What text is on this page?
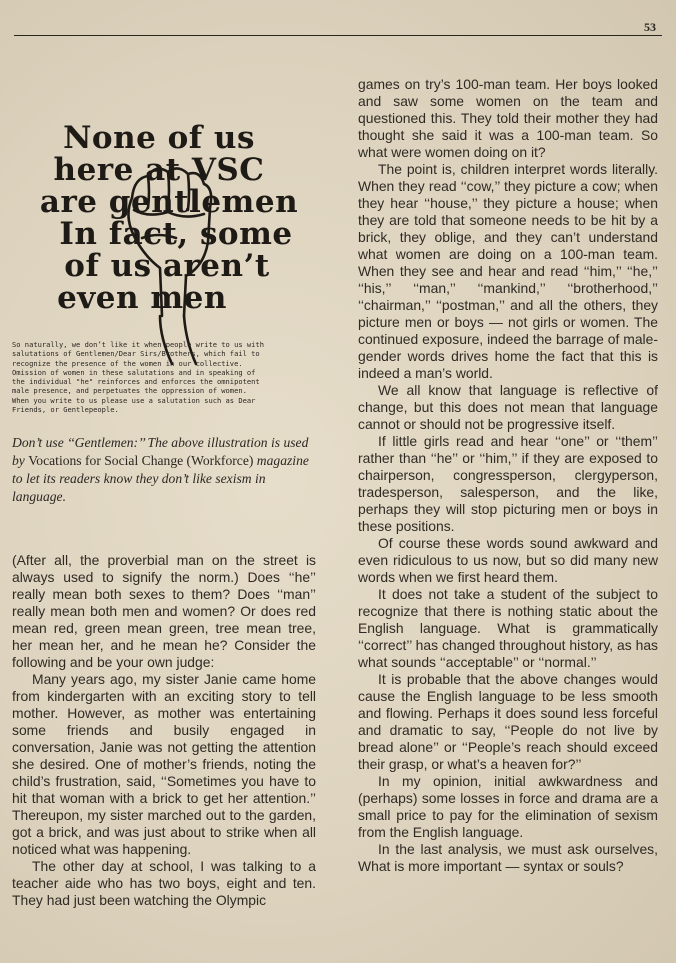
53
None of us
here at VSC
are gentlemen
In fact, some
of us aren’t
even men
So naturally, we don’t like it when people write to us with
salutations of Gentlemen/Dear Sirs/Brothers, which fail to
recognize the presence of the women in our collective.
Omission of women in these salutations and in speaking of
the individual "he" reinforces and enforces the omnipotent
male presence, and perpetuates the oppression of women.
When you write to us please use a salutation such as Dear
Friends, or Gentlepeople.

Don’t use ‘‘Gentlemen:’’ The above illustration is used by Vocations for Social Change (Workforce) magazine to let its readers know they don’t like sexism in language.

(After all, the proverbial man on the street is always used to signify the norm.) Does ‘‘he’’ really mean both sexes to them? Does ‘‘man’’ really mean both men and women? Or does red mean red, green mean green, tree mean tree, her mean her, and he mean he? Consider the following and be your own judge:

Many years ago, my sister Janie came home from kindergarten with an exciting story to tell mother. However, as mother was entertaining some friends and busily engaged in conversation, Janie was not getting the attention she desired. One of mother’s friends, noting the child’s frustration, said, ‘‘Sometimes you have to hit that woman with a brick to get her attention.’’ Thereupon, my sister marched out to the garden, got a brick, and was just about to strike when all noticed what was happening.

The other day at school, I was talking to a teacher aide who has two boys, eight and ten. They had just been watching the Olympic

games on try’s 100-man team. Her boys looked and saw some women on the team and questioned this. They told their mother they had thought she said it was a 100-man team. So what were women doing on it?

The point is, children interpret words literally. When they read ‘‘cow,’’ they picture a cow; when they hear ‘‘house,’’ they picture a house; when they are told that someone needs to be hit by a brick, they oblige, and they can’t understand what women are doing on a 100-man team. When they see and hear and read ‘‘him,’’ ‘‘he,’’ ‘‘his,’’ ‘‘man,’’ ‘‘mankind,’’ ‘‘brotherhood,’’ ‘‘chairman,’’ ‘‘postman,’’ and all the others, they picture men or boys — not girls or women. The continued exposure, indeed the barrage of male-gender words drives home the fact that this is indeed a man’s world.

We all know that language is reflective of change, but this does not mean that language cannot or should not be progressive itself.

If little girls read and hear ‘‘one’’ or ‘‘them’’ rather than ‘‘he’’ or ‘‘him,’’ if they are exposed to chairperson, congressperson, clergyperson, tradesperson, salesperson, and the like, perhaps they will stop picturing men or boys in these positions.

Of course these words sound awkward and even ridiculous to us now, but so did many new words when we first heard them.

It does not take a student of the subject to recognize that there is nothing static about the English language. What is grammatically ‘‘correct’’ has changed throughout history, as has what sounds ‘‘acceptable’’ or ‘‘normal.’’

It is probable that the above changes would cause the English language to be less smooth and flowing. Perhaps it does sound less forceful and dramatic to say, ‘‘People do not live by bread alone’’ or ‘‘People’s reach should exceed their grasp, or what’s a heaven for?’’

In my opinion, initial awkwardness and (perhaps) some losses in force and drama are a small price to pay for the elimination of sexism from the English language.

In the last analysis, we must ask ourselves, What is more important — syntax or souls?
